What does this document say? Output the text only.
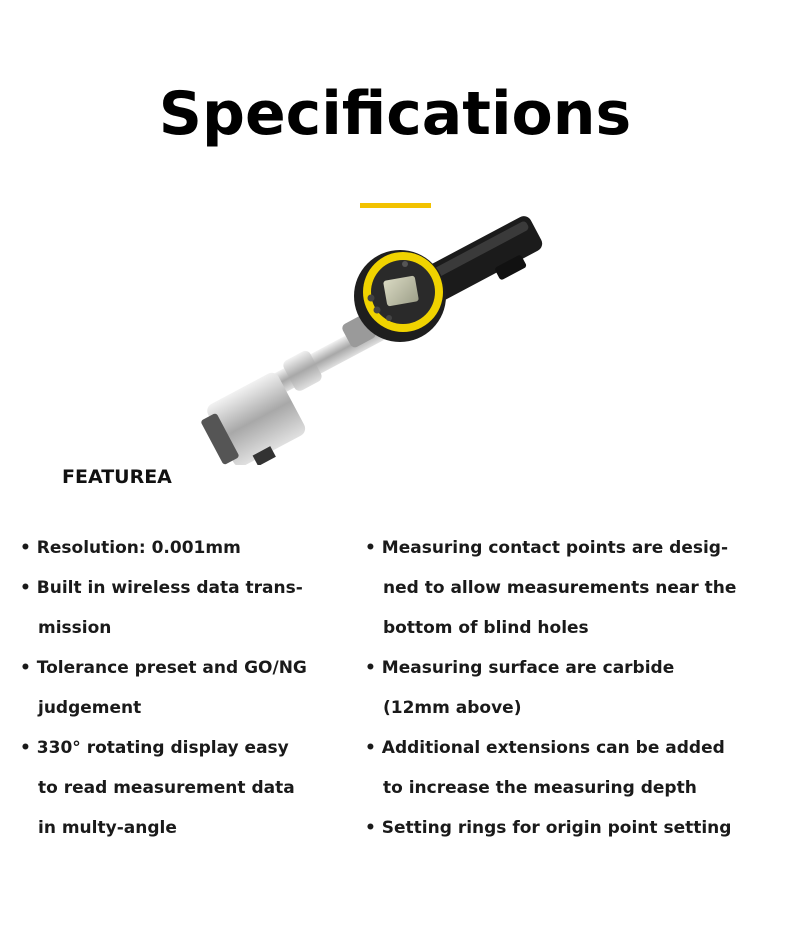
Specifications
FEATUREA
• Resolution: 0.001mm
• Built in wireless data trans-
mission
• Tolerance preset and GO/NG
judgement
• 330° rotating display easy
to read measurement data
in multy-angle
• Measuring contact points are desig-
ned to allow measurements near the
bottom of blind holes
• Measuring surface are carbide
(12mm above)
• Additional extensions can be added
to increase the measuring depth
• Setting rings for origin point setting
